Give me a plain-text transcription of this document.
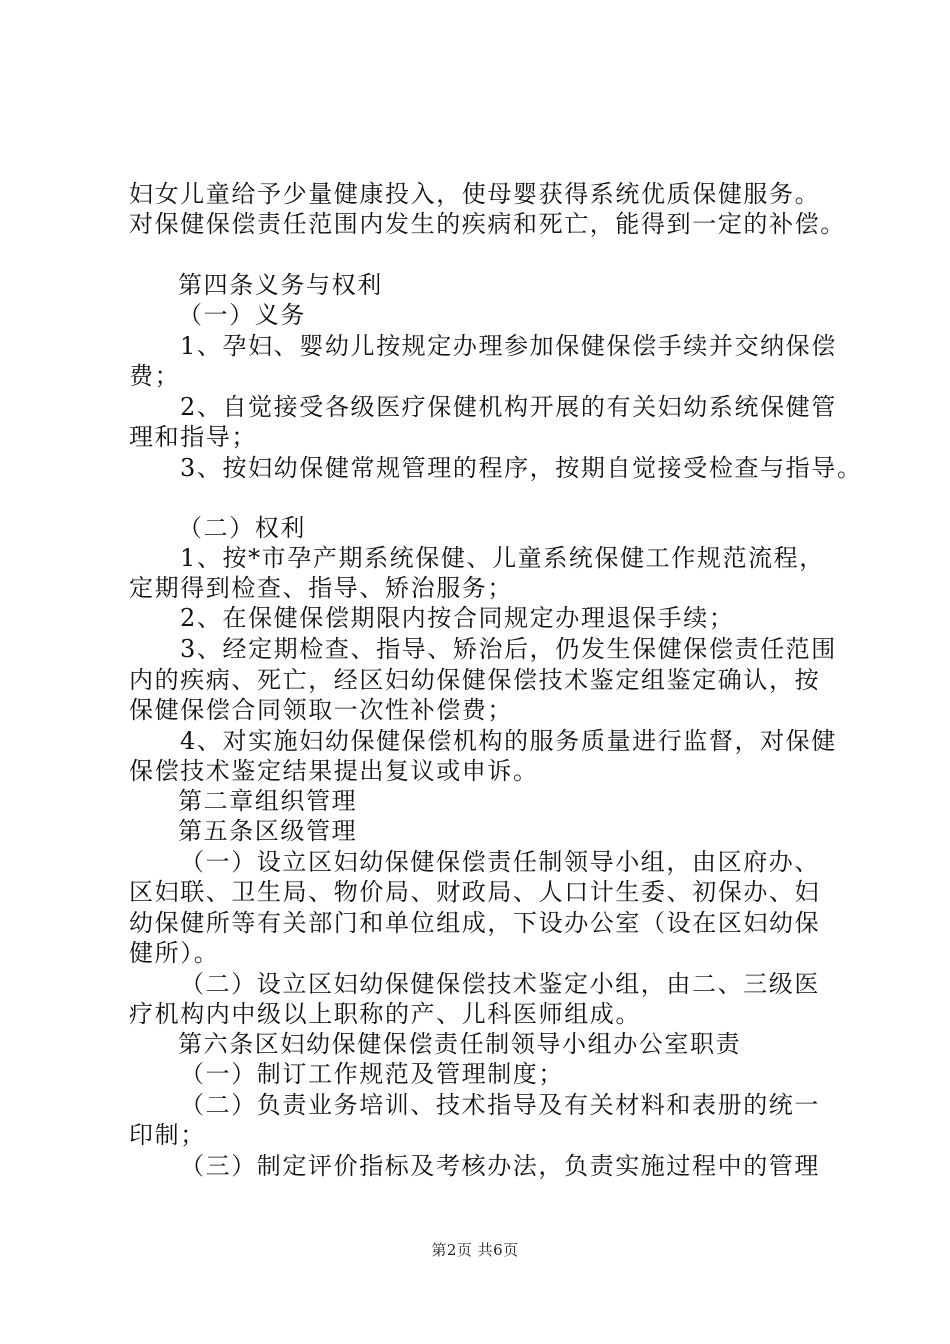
妇女儿童给予少量健康投入，使母婴获得系统优质保健服务。
对保健保偿责任范围内发生的疾病和死亡，能得到一定的补偿。
第四条义务与权利
（一）义务
1、孕妇、婴幼儿按规定办理参加保健保偿手续并交纳保偿
费；
2、自觉接受各级医疗保健机构开展的有关妇幼系统保健管
理和指导；
3、按妇幼保健常规管理的程序，按期自觉接受检查与指导。
（二）权利
1、按*市孕产期系统保健、儿童系统保健工作规范流程，
定期得到检查、指导、矫治服务；
2、在保健保偿期限内按合同规定办理退保手续；
3、经定期检查、指导、矫治后，仍发生保健保偿责任范围
内的疾病、死亡，经区妇幼保健保偿技术鉴定组鉴定确认，按
保健保偿合同领取一次性补偿费；
4、对实施妇幼保健保偿机构的服务质量进行监督，对保健
保偿技术鉴定结果提出复议或申诉。
第二章组织管理
第五条区级管理
（一）设立区妇幼保健保偿责任制领导小组，由区府办、
区妇联、卫生局、物价局、财政局、人口计生委、初保办、妇
幼保健所等有关部门和单位组成，下设办公室（设在区妇幼保
健所）。
（二）设立区妇幼保健保偿技术鉴定小组，由二、三级医
疗机构内中级以上职称的产、儿科医师组成。
第六条区妇幼保健保偿责任制领导小组办公室职责
（一）制订工作规范及管理制度；
（二）负责业务培训、技术指导及有关材料和表册的统一
印制；
（三）制定评价指标及考核办法，负责实施过程中的管理
第2页 共6页
